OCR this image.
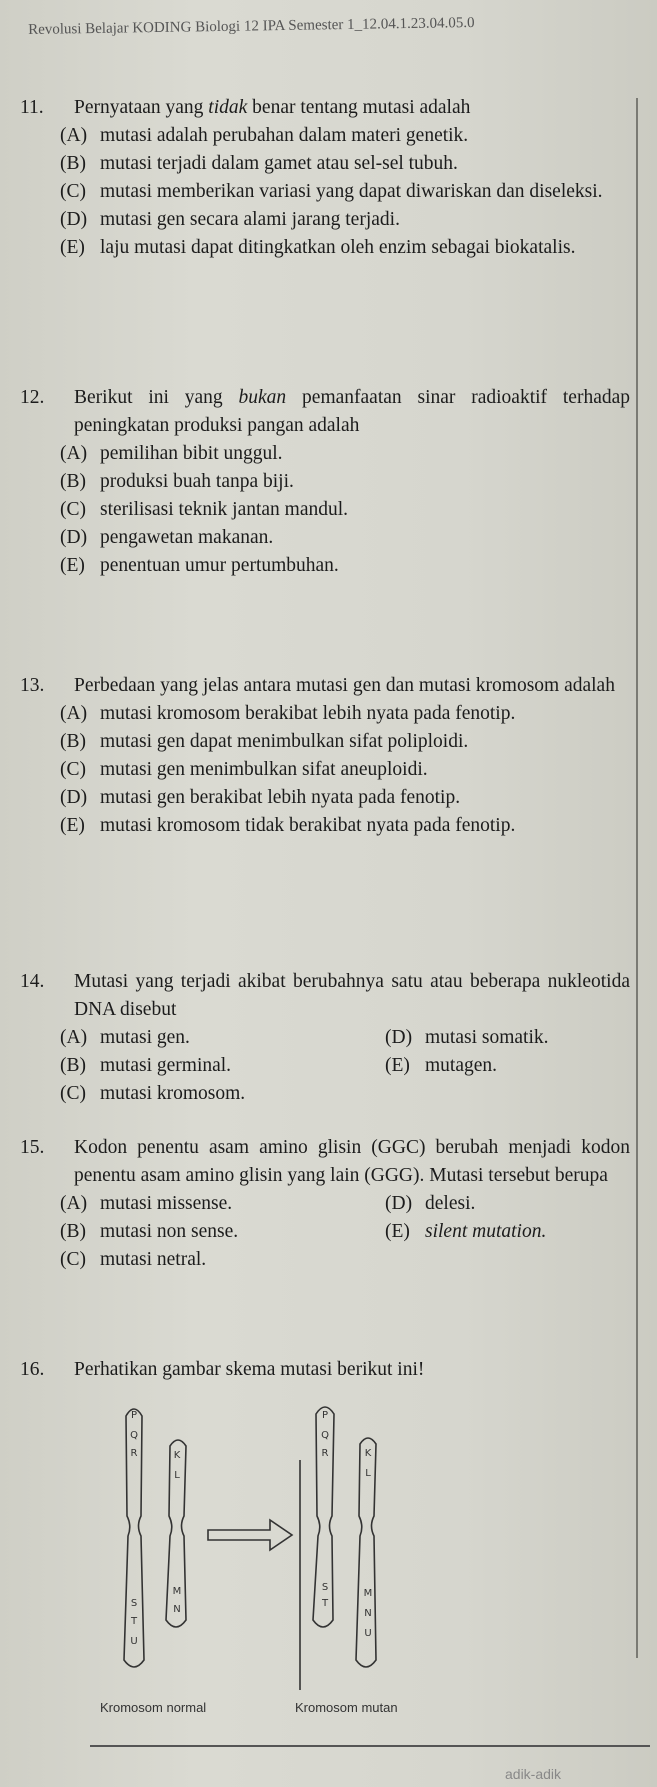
Revolusi Belajar KODING Biologi 12 IPA Semester 1_12.04.1.23.04.05.0
11. Pernyataan yang tidak benar tentang mutasi adalah
(A) mutasi adalah perubahan dalam materi genetik.
(B) mutasi terjadi dalam gamet atau sel-sel tubuh.
(C) mutasi memberikan variasi yang dapat diwariskan dan diseleksi.
(D) mutasi gen secara alami jarang terjadi.
(E) laju mutasi dapat ditingkatkan oleh enzim sebagai biokatalis.
12. Berikut ini yang bukan pemanfaatan sinar radioaktif terhadap peningkatan produksi pangan adalah
(A) pemilihan bibit unggul.
(B) produksi buah tanpa biji.
(C) sterilisasi teknik jantan mandul.
(D) pengawetan makanan.
(E) penentuan umur pertumbuhan.
13. Perbedaan yang jelas antara mutasi gen dan mutasi kromosom adalah
(A) mutasi kromosom berakibat lebih nyata pada fenotip.
(B) mutasi gen dapat menimbulkan sifat poliploidi.
(C) mutasi gen menimbulkan sifat aneuploidi.
(D) mutasi gen berakibat lebih nyata pada fenotip.
(E) mutasi kromosom tidak berakibat nyata pada fenotip.
14. Mutasi yang terjadi akibat berubahnya satu atau beberapa nukleotida DNA disebut
(A) mutasi gen.
(B) mutasi germinal.
(C) mutasi kromosom.
(D) mutasi somatik.
(E) mutagen.
15. Kodon penentu asam amino glisin (GGC) berubah menjadi kodon penentu asam amino glisin yang lain (GGG). Mutasi tersebut berupa
(A) mutasi missense.
(B) mutasi non sense.
(C) mutasi netral.
(D) delesi.
(E) silent mutation.
16. Perhatikan gambar skema mutasi berikut ini!
P
Q
R
S
T
U
K
L
M
N
P
Q
R
S
T
K
L
M
N
U
Kromosom normal	Kromosom mutan
adik-adik
